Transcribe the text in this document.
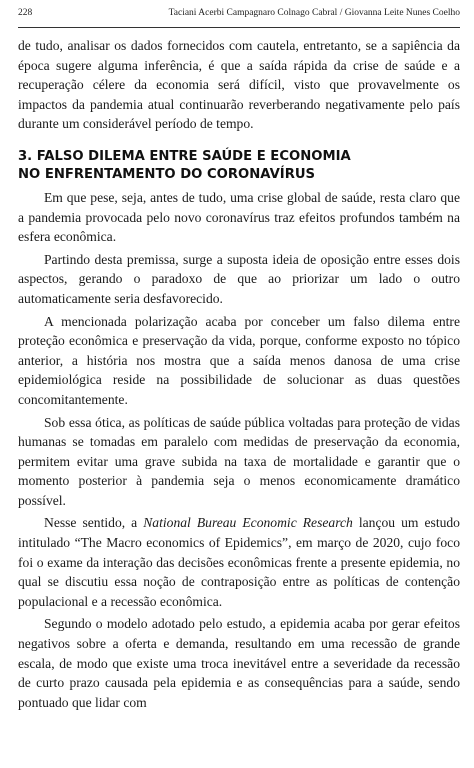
228	Taciani Acerbi Campagnaro Colnago Cabral / Giovanna Leite Nunes Coelho

de tudo, analisar os dados fornecidos com cautela, entretanto, se a sapiência da época sugere alguma inferência, é que a saída rápida da crise de saúde e a recuperação célere da economia será difícil, visto que provavelmente os impactos da pandemia atual continuarão reverberando negativamente pelo país durante um considerável período de tempo.

3. FALSO DILEMA ENTRE SAÚDE E ECONOMIA
NO ENFRENTAMENTO DO CORONAVÍRUS

Em que pese, seja, antes de tudo, uma crise global de saúde, resta claro que a pandemia provocada pelo novo coronavírus traz efeitos profundos também na esfera econômica.

Partindo desta premissa, surge a suposta ideia de oposição entre esses dois aspectos, gerando o paradoxo de que ao priorizar um lado o outro automaticamente seria desfavorecido.

A mencionada polarização acaba por conceber um falso dilema entre proteção econômica e preservação da vida, porque, conforme exposto no tópico anterior, a história nos mostra que a saída menos danosa de uma crise epidemiológica reside na possibilidade de solucionar as duas questões concomitantemente.

Sob essa ótica, as políticas de saúde pública voltadas para proteção de vidas humanas se tomadas em paralelo com medidas de preservação da economia, permitem evitar uma grave subida na taxa de mortalidade e garantir que o momento posterior à pandemia seja o menos economicamente dramático possível.

Nesse sentido, a National Bureau Economic Research lançou um estudo intitulado “The Macro economics of Epidemics”, em março de 2020, cujo foco foi o exame da interação das decisões econômicas frente a presente epidemia, no qual se discutiu essa noção de contraposição entre as políticas de contenção populacional e a recessão econômica.

Segundo o modelo adotado pelo estudo, a epidemia acaba por gerar efeitos negativos sobre a oferta e demanda, resultando em uma recessão de grande escala, de modo que existe uma troca inevitável entre a severidade da recessão de curto prazo causada pela epidemia e as consequências para a saúde, sendo pontuado que lidar com
